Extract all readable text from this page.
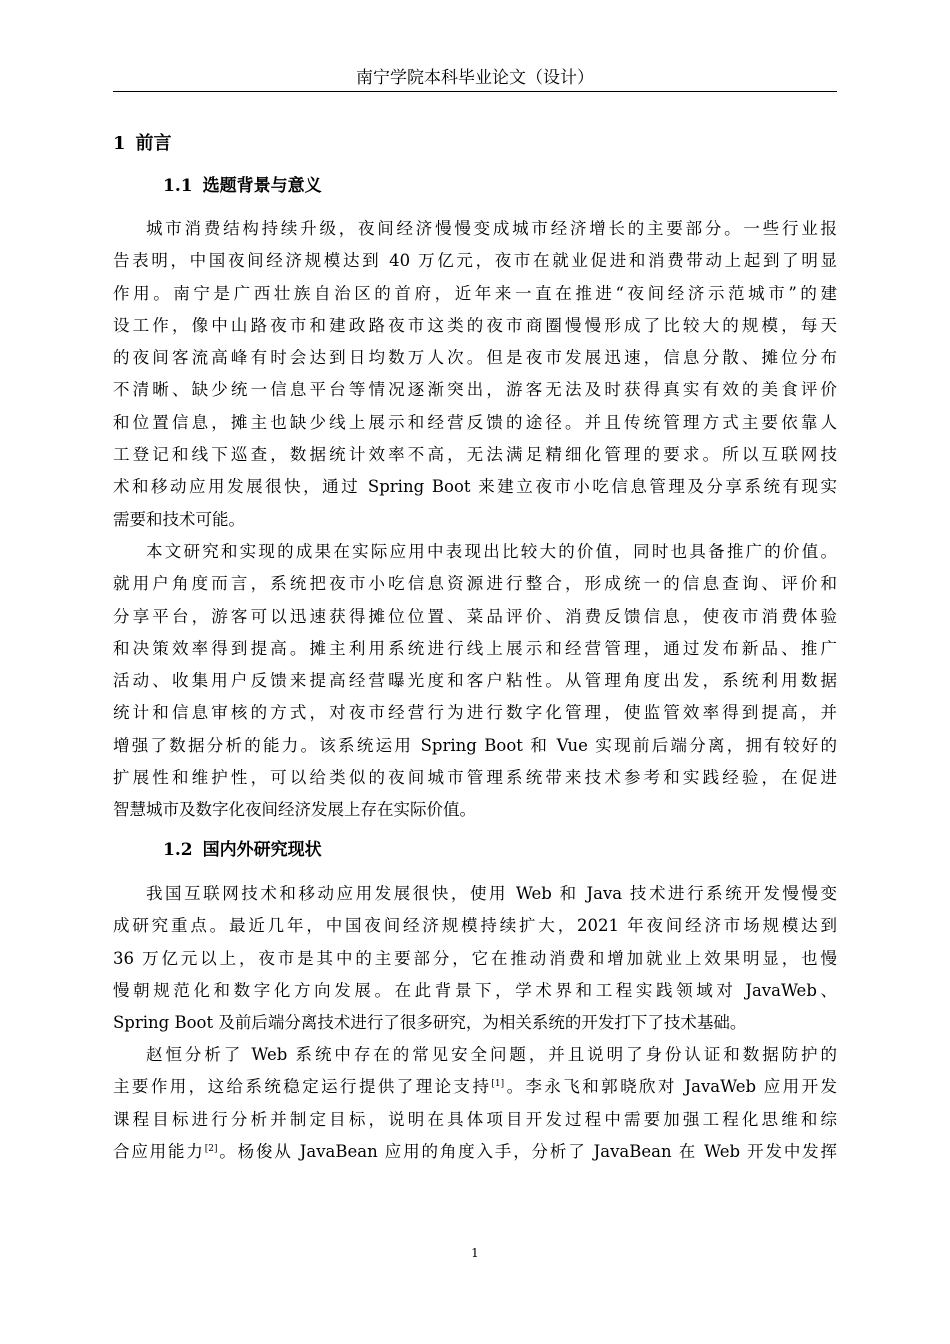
南宁学院本科毕业论文（设计）
1 前言
1.1 选题背景与意义
城市消费结构持续升级，夜间经济慢慢变成城市经济增长的主要部分。一些行业报
告表明，中国夜间经济规模达到 40 万亿元，夜市在就业促进和消费带动上起到了明显
作用。南宁是广西壮族自治区的首府，近年来一直在推进“夜间经济示范城市”的建
设工作，像中山路夜市和建政路夜市这类的夜市商圈慢慢形成了比较大的规模，每天
的夜间客流高峰有时会达到日均数万人次。但是夜市发展迅速，信息分散、摊位分布
不清晰、缺少统一信息平台等情况逐渐突出，游客无法及时获得真实有效的美食评价
和位置信息，摊主也缺少线上展示和经营反馈的途径。并且传统管理方式主要依靠人
工登记和线下巡查，数据统计效率不高，无法满足精细化管理的要求。所以互联网技
术和移动应用发展很快，通过 Spring Boot 来建立夜市小吃信息管理及分享系统有现实
需要和技术可能。
本文研究和实现的成果在实际应用中表现出比较大的价值，同时也具备推广的价值。
就用户角度而言，系统把夜市小吃信息资源进行整合，形成统一的信息查询、评价和
分享平台，游客可以迅速获得摊位位置、菜品评价、消费反馈信息，使夜市消费体验
和决策效率得到提高。摊主利用系统进行线上展示和经营管理，通过发布新品、推广
活动、收集用户反馈来提高经营曝光度和客户粘性。从管理角度出发，系统利用数据
统计和信息审核的方式，对夜市经营行为进行数字化管理，使监管效率得到提高，并
增强了数据分析的能力。该系统运用 Spring Boot 和 Vue 实现前后端分离，拥有较好的
扩展性和维护性，可以给类似的夜间城市管理系统带来技术参考和实践经验，在促进
智慧城市及数字化夜间经济发展上存在实际价值。
1.2 国内外研究现状
我国互联网技术和移动应用发展很快，使用 Web 和 Java 技术进行系统开发慢慢变
成研究重点。最近几年，中国夜间经济规模持续扩大，2021 年夜间经济市场规模达到
36 万亿元以上，夜市是其中的主要部分，它在推动消费和增加就业上效果明显，也慢
慢朝规范化和数字化方向发展。在此背景下，学术界和工程实践领域对 JavaWeb、
Spring Boot 及前后端分离技术进行了很多研究，为相关系统的开发打下了技术基础。
赵恒分析了 Web 系统中存在的常见安全问题，并且说明了身份认证和数据防护的
主要作用，这给系统稳定运行提供了理论支持[1]。李永飞和郭晓欣对 JavaWeb 应用开发
课程目标进行分析并制定目标，说明在具体项目开发过程中需要加强工程化思维和综
合应用能力[2]。杨俊从 JavaBean 应用的角度入手，分析了 JavaBean 在 Web 开发中发挥
1
